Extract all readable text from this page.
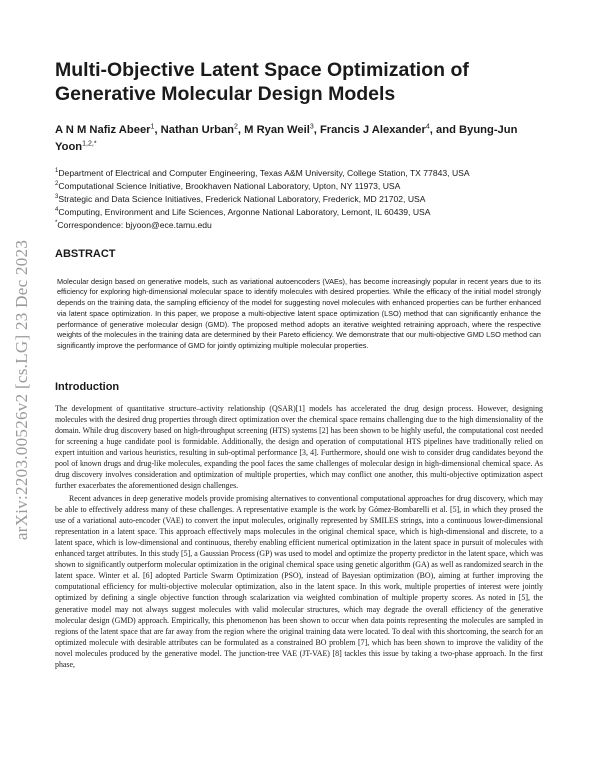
arXiv:2203.00526v2 [cs.LG] 23 Dec 2023
Multi-Objective Latent Space Optimization of Generative Molecular Design Models
A N M Nafiz Abeer$^1$, Nathan Urban$^2$, M Ryan Weil$^3$, Francis J Alexander$^4$, and Byung-Jun Yoon$^{1,2,*}$
$^1$Department of Electrical and Computer Engineering, Texas A&M University, College Station, TX 77843, USA
$^2$Computational Science Initiative, Brookhaven National Laboratory, Upton, NY 11973, USA
$^3$Strategic and Data Science Initiatives, Frederick National Laboratory, Frederick, MD 21702, USA
$^4$Computing, Environment and Life Sciences, Argonne National Laboratory, Lemont, IL 60439, USA
*Correspondence: bjyoon@ece.tamu.edu
ABSTRACT
Molecular design based on generative models, such as variational autoencoders (VAEs), has become increasingly popular in recent years due to its efficiency for exploring high-dimensional molecular space to identify molecules with desired properties. While the efficacy of the initial model strongly depends on the training data, the sampling efficiency of the model for suggesting novel molecules with enhanced properties can be further enhanced via latent space optimization. In this paper, we propose a multi-objective latent space optimization (LSO) method that can significantly enhance the performance of generative molecular design (GMD). The proposed method adopts an iterative weighted retraining approach, where the respective weights of the molecules in the training data are determined by their Pareto efficiency. We demonstrate that our multi-objective GMD LSO method can significantly improve the performance of GMD for jointly optimizing multiple molecular properties.
Introduction

The development of quantitative structure–activity relationship (QSAR)[1] models has accelerated the drug design process. However, designing molecules with the desired drug properties through direct optimization over the chemical space remains challenging due to the high dimensionality of the domain. While drug discovery based on high-throughput screening (HTS) systems [2] has been shown to be highly useful, the computational cost needed for screening a huge candidate pool is formidable. Additionally, the design and operation of computational HTS pipelines have traditionally relied on expert intuition and various heuristics, resulting in sub-optimal performance [3, 4]. Furthermore, should one wish to consider drug candidates beyond the pool of known drugs and drug-like molecules, expanding the pool faces the same challenges of molecular design in high-dimensional chemical space. As drug discovery involves consideration and optimization of multiple properties, which may conflict one another, this multi-objective optimization aspect further exacerbates the aforementioned design challenges.

Recent advances in deep generative models provide promising alternatives to conventional computational approaches for drug discovery, which may be able to effectively address many of these challenges. A representative example is the work by Gómez-Bombarelli et al. [5], in which they prosed the use of a variational auto-encoder (VAE) to convert the input molecules, originally represented by SMILES strings, into a continuous lower-dimensional representation in a latent space. This approach effectively maps molecules in the original chemical space, which is high-dimensional and discrete, to a latent space, which is low-dimensional and continuous, thereby enabling efficient numerical optimization in the latent space in pursuit of molecules with enhanced target attributes. In this study [5], a Gaussian Process (GP) was used to model and optimize the property predictor in the latent space, which was shown to significantly outperform molecular optimization in the original chemical space using genetic algorithm (GA) as well as randomized search in the latent space. Winter et al. [6] adopted Particle Swarm Optimization (PSO), instead of Bayesian optimization (BO), aiming at further improving the computational efficiency for multi-objective molecular optimization, also in the latent space. In this work, multiple properties of interest were jointly optimized by defining a single objective function through scalarization via weighted combination of multiple property scores. As noted in [5], the generative model may not always suggest molecules with valid molecular structures, which may degrade the overall efficiency of the generative molecular design (GMD) approach. Empirically, this phenomenon has been shown to occur when data points representing the molecules are sampled in regions of the latent space that are far away from the region where the original training data were located. To deal with this shortcoming, the search for an optimized molecule with desirable attributes can be formulated as a constrained BO problem [7], which has been shown to improve the validity of the novel molecules produced by the generative model. The junction-tree VAE (JT-VAE) [8] tackles this issue by taking a two-phase approach. In the first phase,
